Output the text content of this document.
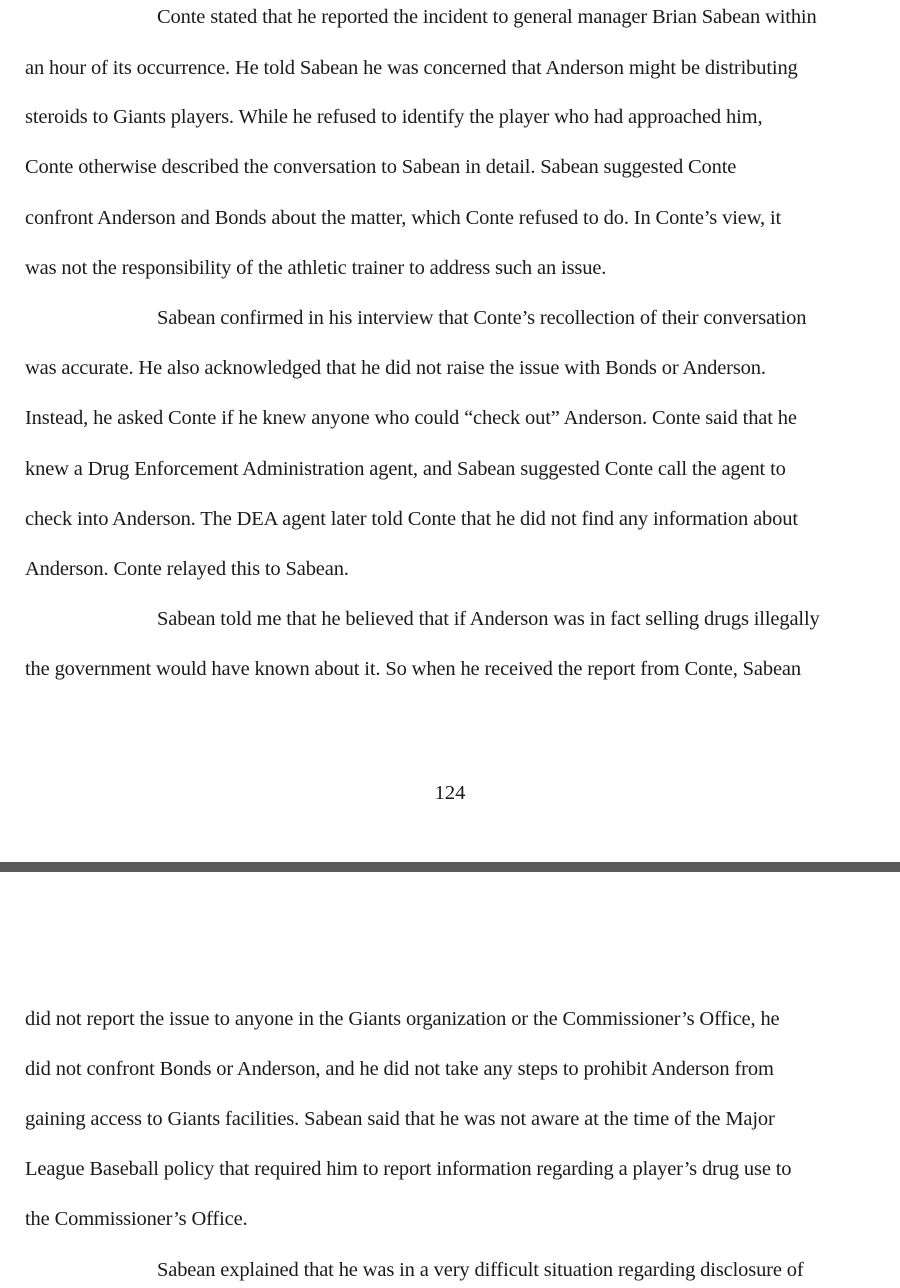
Conte stated that he reported the incident to general manager Brian Sabean within
an hour of its occurrence. He told Sabean he was concerned that Anderson might be distributing
steroids to Giants players. While he refused to identify the player who had approached him,
Conte otherwise described the conversation to Sabean in detail. Sabean suggested Conte
confront Anderson and Bonds about the matter, which Conte refused to do. In Conte’s view, it
was not the responsibility of the athletic trainer to address such an issue.
Sabean confirmed in his interview that Conte’s recollection of their conversation
was accurate. He also acknowledged that he did not raise the issue with Bonds or Anderson.
Instead, he asked Conte if he knew anyone who could “check out” Anderson. Conte said that he
knew a Drug Enforcement Administration agent, and Sabean suggested Conte call the agent to
check into Anderson. The DEA agent later told Conte that he did not find any information about
Anderson. Conte relayed this to Sabean.
Sabean told me that he believed that if Anderson was in fact selling drugs illegally
the government would have known about it. So when he received the report from Conte, Sabean
124
did not report the issue to anyone in the Giants organization or the Commissioner’s Office, he
did not confront Bonds or Anderson, and he did not take any steps to prohibit Anderson from
gaining access to Giants facilities. Sabean said that he was not aware at the time of the Major
League Baseball policy that required him to report information regarding a player’s drug use to
the Commissioner’s Office.
Sabean explained that he was in a very difficult situation regarding disclosure of
